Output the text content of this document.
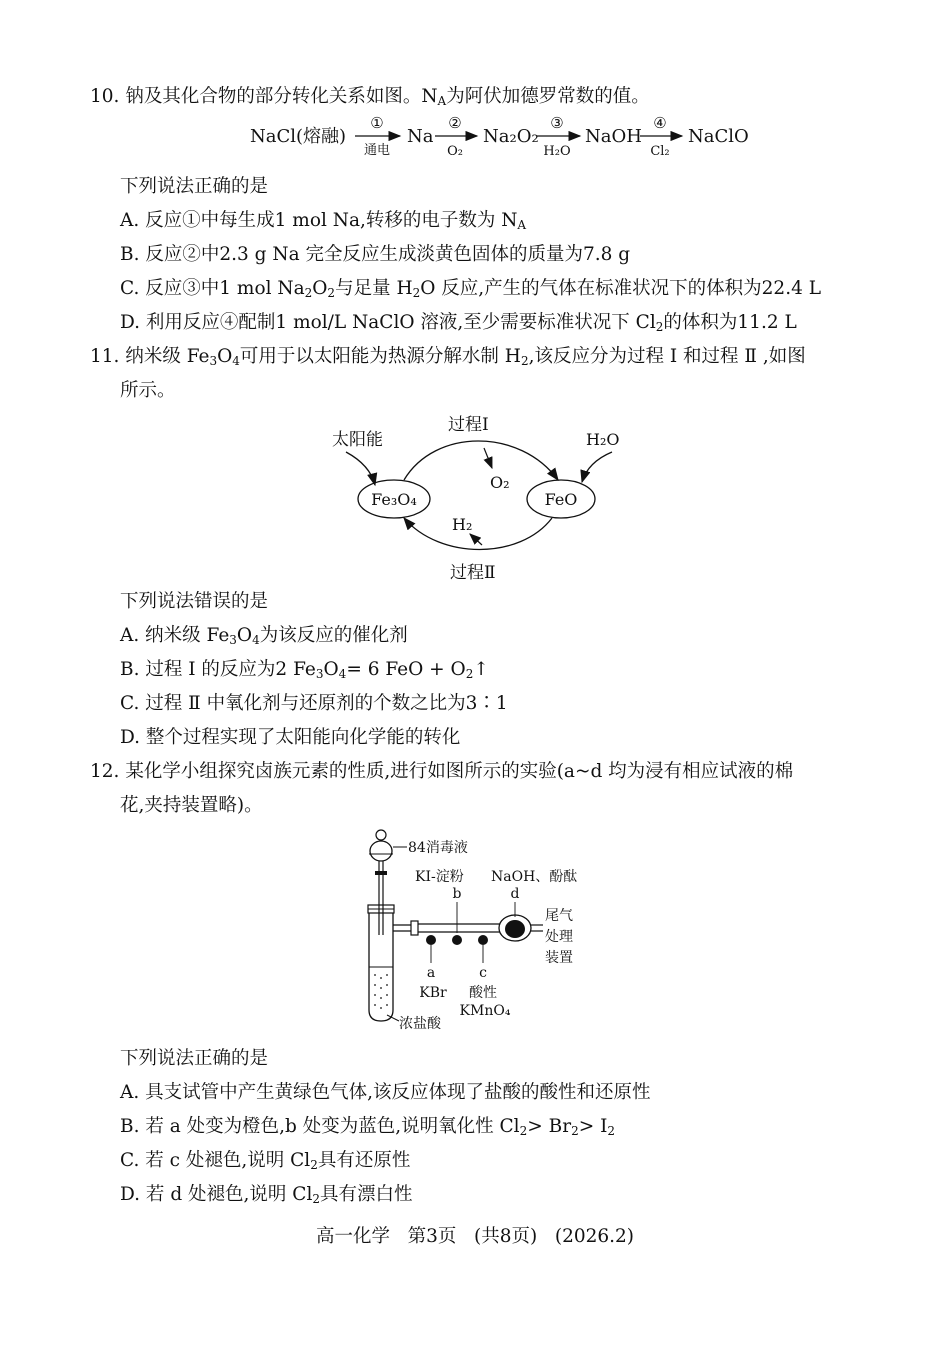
10. 钠及其化合物的部分转化关系如图。$N_A$为阿伏加德罗常数的值。
NaCl(熔融)
①
通电
Na
②
O₂
Na₂O₂
③
H₂O
NaOH
④
Cl₂
NaClO
下列说法正确的是
A. 反应①中每生成1 mol Na,转移的电子数为 $N_A$
B. 反应②中2.3 g Na 完全反应生成淡黄色固体的质量为7.8 g
C. 反应③中1 mol $Na_2O_2$与足量 $H_2O$ 反应,产生的气体在标准状况下的体积为22.4 L
D. 利用反应④配制1 mol/L NaClO 溶液,至少需要标准状况下 $Cl_2$的体积为11.2 L
11. 纳米级 $Fe_3O_4$可用于以太阳能为热源分解水制 $H_2$,该反应分为过程 Ⅰ 和过程 Ⅱ ,如图
所示。
太阳能
过程Ⅰ
H₂O
Fe₃O₄	FeO
O₂
H₂
过程Ⅱ
下列说法错误的是
A. 纳米级 $Fe_3O_4$为该反应的催化剂
B. 过程 Ⅰ 的反应为2 $Fe_3O_4= 6$ FeO + $O_2↑$
C. 过程 Ⅱ 中氧化剂与还原剂的个数之比为3∶1
D. 整个过程实现了太阳能向化学能的转化
12. 某化学小组探究卤族元素的性质,进行如图所示的实验(a~d 均为浸有相应试液的棉
花,夹持装置略)。
84消毒液
浓盐酸
KI-淀粉
b
NaOH、酚酞
d
尾气
处理
装置
a
KBr
c
酸性
KMnO₄
下列说法正确的是
A. 具支试管中产生黄绿色气体,该反应体现了盐酸的酸性和还原性
B. 若 a 处变为橙色,b 处变为蓝色,说明氧化性 $Cl_2> Br_2> I_2$
C. 若 c 处褪色,说明 $Cl_2$具有还原性
D. 若 d 处褪色,说明 $Cl_2$具有漂白性
高一化学   第3页   (共8页)   (2026.2)
